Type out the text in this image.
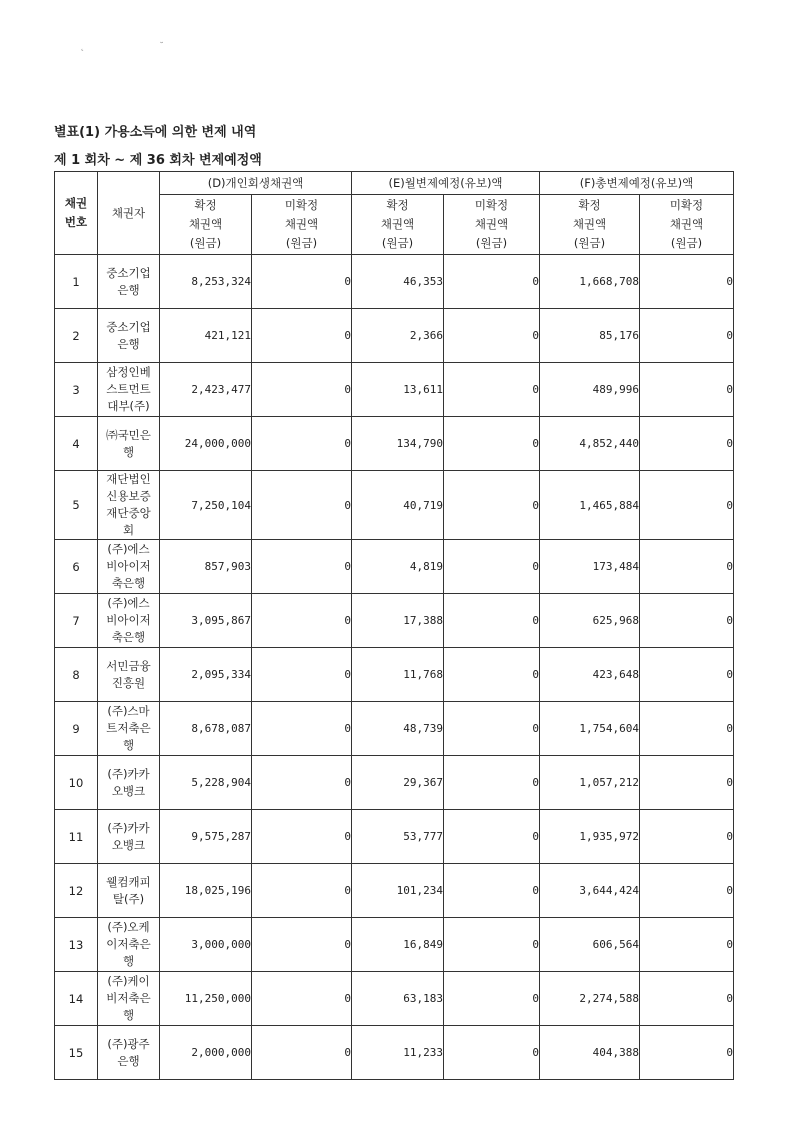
˛ ˘
별표(1) 가용소득에 의한 변제 내역
제 1 회차 ~ 제 36 회차 변제예정액
채권
번호	채권자	(D)개인회생채권액		(E)월변제예정(유보)액		(F)총변제예정(유보)액	
		확정
채권액
(원금)	미확정
채권액
(원금)	확정
채권액
(원금)	미확정
채권액
(원금)	확정
채권액
(원금)	미확정
채권액
(원금)
1	중소기업
은행	8,253,324	0	46,353	0	1,668,708	0
2	중소기업
은행	421,121	0	2,366	0	85,176	0
3	삼정인베
스트먼트
대부(주)	2,423,477	0	13,611	0	489,996	0
4	㈜국민은
행	24,000,000	0	134,790	0	4,852,440	0
5	재단법인
신용보증
재단중앙
회	7,250,104	0	40,719	0	1,465,884	0
6	(주)에스
비아이저
축은행	857,903	0	4,819	0	173,484	0
7	(주)에스
비아이저
축은행	3,095,867	0	17,388	0	625,968	0
8	서민금융
진흥원	2,095,334	0	11,768	0	423,648	0
9	(주)스마
트저축은
행	8,678,087	0	48,739	0	1,754,604	0
10	(주)카카
오뱅크	5,228,904	0	29,367	0	1,057,212	0
11	(주)카카
오뱅크	9,575,287	0	53,777	0	1,935,972	0
12	웰컴캐피
탈(주)	18,025,196	0	101,234	0	3,644,424	0
13	(주)오케
이저축은
행	3,000,000	0	16,849	0	606,564	0
14	(주)케이
비저축은
행	11,250,000	0	63,183	0	2,274,588	0
15	(주)광주
은행	2,000,000	0	11,233	0	404,388	0
